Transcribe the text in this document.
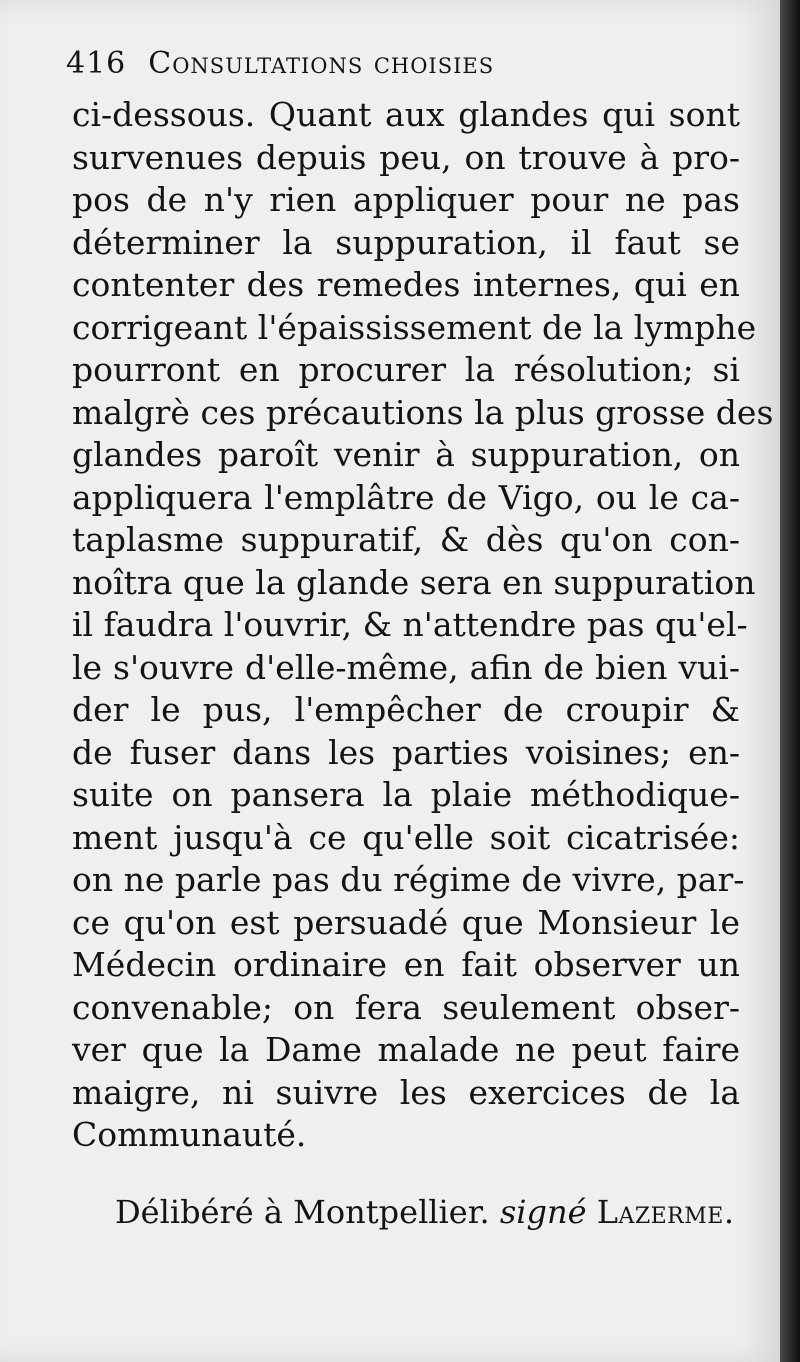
416 Consultations choisies
ci-dessous. Quant aux glandes qui sont
survenues depuis peu, on trouve à pro-
pos de n'y rien appliquer pour ne pas
déterminer la suppuration, il faut se
contenter des remedes internes, qui en
corrigeant l'épaississement de la lymphe
pourront en procurer la résolution; si
malgrè ces précautions la plus grosse des
glandes paroît venir à suppuration, on
appliquera l'emplâtre de Vigo, ou le ca-
taplasme suppuratif, & dès qu'on con-
noîtra que la glande sera en suppuration
il faudra l'ouvrir, & n'attendre pas qu'el-
le s'ouvre d'elle-même, afin de bien vui-
der le pus, l'empêcher de croupir &
de fuser dans les parties voisines; en-
suite on pansera la plaie méthodique-
ment jusqu'à ce qu'elle soit cicatrisée:
on ne parle pas du régime de vivre, par-
ce qu'on est persuadé que Monsieur le
Médecin ordinaire en fait observer un
convenable; on fera seulement obser-
ver que la Dame malade ne peut faire
maigre, ni suivre les exercices de la
Communauté.
Délibéré à Montpellier. signé Lazerme.
